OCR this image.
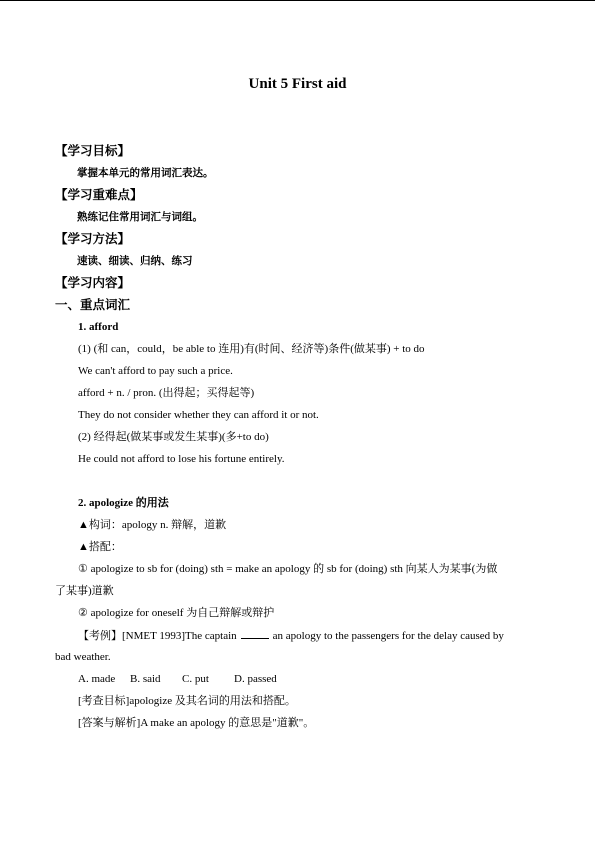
Unit 5 First aid
【学习目标】
掌握本单元的常用词汇表达。
【学习重难点】
熟练记住常用词汇与词组。
【学习方法】
速读、细读、归纳、练习
【学习内容】
一、重点词汇
1. afford
(1) (和 can，could，be able to 连用)有(时间、经济等)条件(做某事) + to do
We can't afford to pay such a price.
afford + n. / pron. (出得起；买得起等)
They do not consider whether they can afford it or not.
(2) 经得起(做某事或发生某事)(多+to do)
He could not afford to lose his fortune entirely.
2. apologize 的用法
▲构词：apology n. 辩解，道歉
▲搭配：
① apologize to sb for (doing) sth = make an apology 的 sb for (doing) sth 向某人为某事(为做
了某事)道歉
② apologize for oneself 为自己辩解或辩护
【考例】[NMET 1993]The captain	an apology to the passengers for the delay caused by
bad weather.
A. made B. said C. put D. passed
[考查目标]apologize 及其名词的用法和搭配。
[答案与解析]A make an apology 的意思是"道歉"。
